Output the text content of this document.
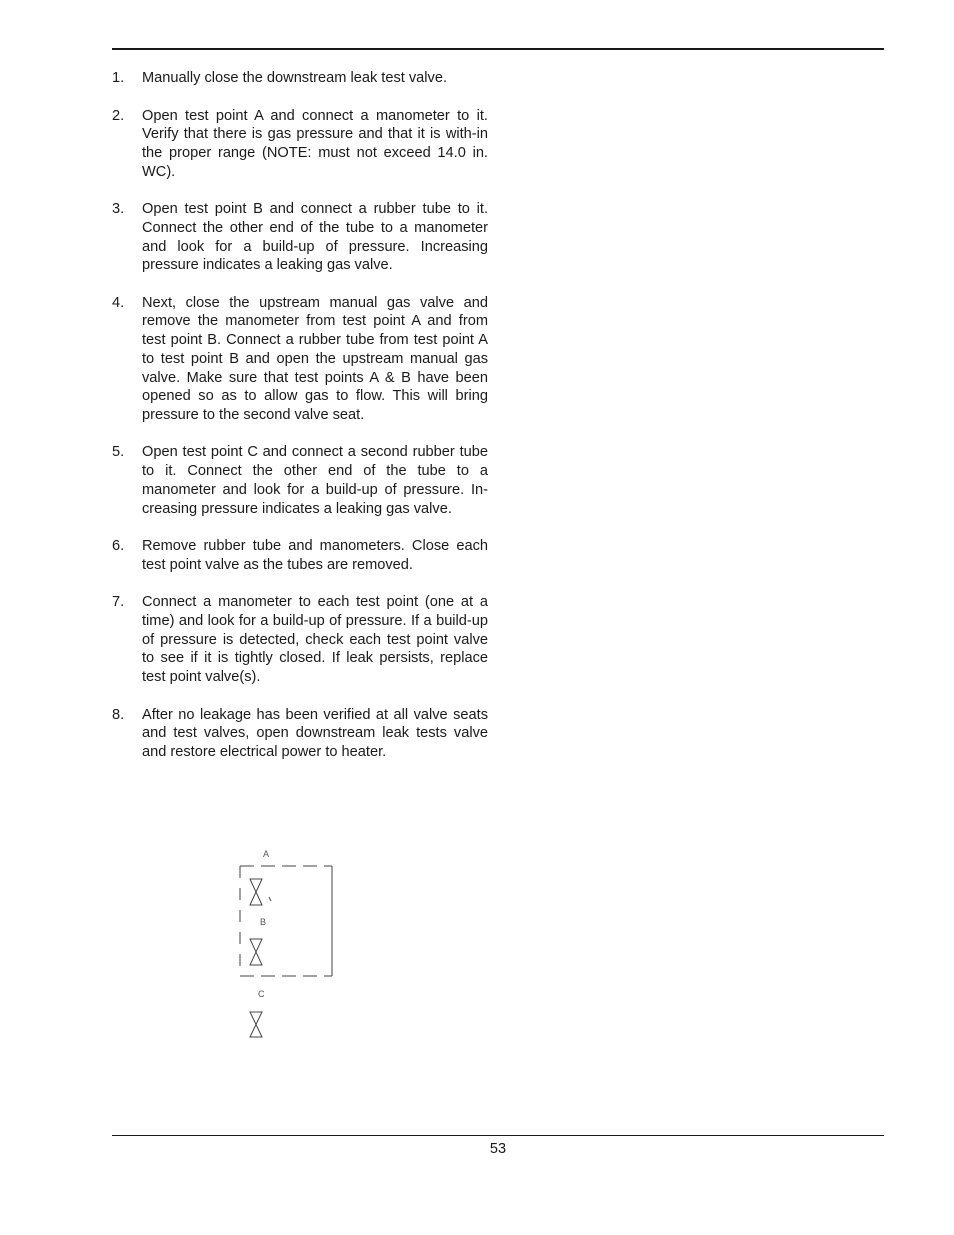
1. Manually close the downstream leak test valve.
2. Open test point A and connect a manometer to it. Verify that there is gas pressure and that it is with-in the proper range (NOTE: must not exceed 14.0 in. WC).
3. Open test point B and connect a rubber tube to it. Connect the other end of the tube to a manometer and look for a build-up of pressure. Increasing pressure indicates a leaking gas valve.
4. Next, close the upstream manual gas valve and remove the manometer from test point A and from test point B. Connect a rubber tube from test point A to test point B and open the upstream manual gas valve. Make sure that test points A & B have been opened so as to allow gas to flow. This will bring pressure to the second valve seat.
5. Open test point C and connect a second rubber tube to it. Connect the other end of the tube to a manometer and look for a build-up of pressure. In-creasing pressure indicates a leaking gas valve.
6. Remove rubber tube and manometers. Close each test point valve as the tubes are removed.
7. Connect a manometer to each test point (one at a time) and look for a build-up of pressure. If a build-up of pressure is detected, check each test point valve to see if it is tightly closed. If leak persists, replace test point valve(s).
8. After no leakage has been verified at all valve seats and test valves, open downstream leak tests valve and restore electrical power to heater.
A
B
C
53
